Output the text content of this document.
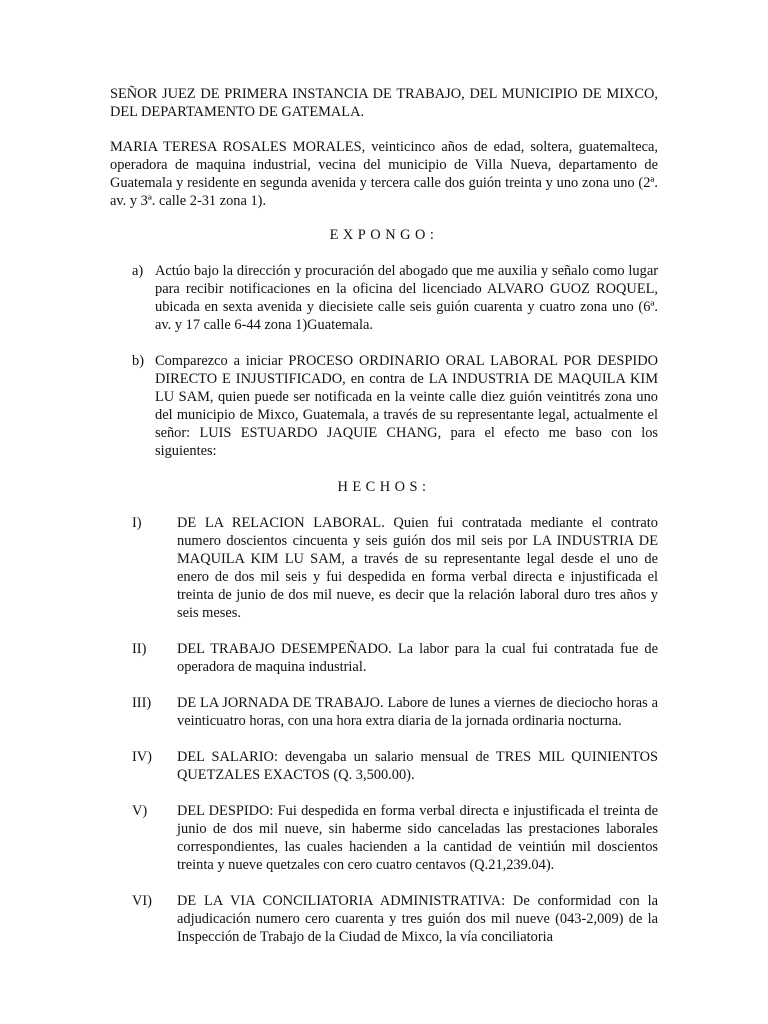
SEÑOR JUEZ DE PRIMERA INSTANCIA DE TRABAJO, DEL MUNICIPIO DE MIXCO, DEL DEPARTAMENTO DE GATEMALA.

MARIA TERESA ROSALES MORALES, veinticinco años de edad, soltera, guatemalteca, operadora de maquina industrial, vecina del municipio de Villa Nueva, departamento de Guatemala y residente en segunda avenida y tercera calle dos guión treinta y uno zona uno (2ª. av. y 3ª. calle 2-31 zona 1).

EXPONGO:

a) Actúo bajo la dirección y procuración del abogado que me auxilia y señalo como lugar para recibir notificaciones en la oficina del licenciado ALVARO GUOZ ROQUEL, ubicada en sexta avenida y diecisiete calle seis guión cuarenta y cuatro zona uno (6ª. av. y 17 calle 6-44 zona 1)Guatemala.
b) Comparezco a iniciar PROCESO ORDINARIO ORAL LABORAL POR DESPIDO DIRECTO E INJUSTIFICADO, en contra de LA INDUSTRIA DE MAQUILA KIM LU SAM, quien puede ser notificada en la veinte calle diez guión veintitrés zona uno del municipio de Mixco, Guatemala, a través de su representante legal, actualmente el señor: LUIS ESTUARDO JAQUIE CHANG, para el efecto me baso con los siguientes:

HECHOS:

I)	DE LA RELACION LABORAL. Quien fui contratada mediante el contrato numero doscientos cincuenta y seis guión dos mil seis por LA INDUSTRIA DE MAQUILA KIM LU SAM, a través de su representante legal desde el uno de enero de dos mil seis y fui despedida en forma verbal directa e injustificada el treinta de junio de dos mil nueve, es decir que la relación laboral duro tres años y seis meses.
II)	DEL TRABAJO DESEMPEÑADO. La labor para la cual fui contratada fue de operadora de maquina industrial.
III)	DE LA JORNADA DE TRABAJO. Labore de lunes a viernes de dieciocho horas a veinticuatro horas, con una hora extra diaria de la jornada ordinaria nocturna.
IV)	DEL SALARIO: devengaba un salario mensual de TRES MIL QUINIENTOS QUETZALES EXACTOS (Q. 3,500.00).
V)	DEL DESPIDO: Fui despedida en forma verbal directa e injustificada el treinta de junio de dos mil nueve, sin haberme sido canceladas las prestaciones laborales correspondientes, las cuales hacienden a la cantidad de veintiún mil doscientos treinta y nueve quetzales con cero cuatro centavos (Q.21,239.04).
VI)	DE LA VIA CONCILIATORIA ADMINISTRATIVA: De conformidad con la adjudicación numero cero cuarenta y tres guión dos mil nueve (043-2,009) de la Inspección de Trabajo de la Ciudad de Mixco, la vía conciliatoria
